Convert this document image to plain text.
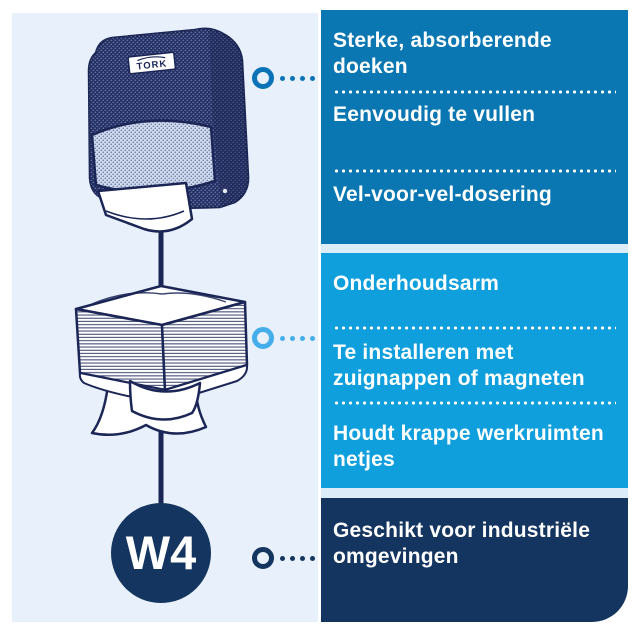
TORK
W4
Sterke, absorberende doeken
Eenvoudig te vullen
Vel-voor-vel-dosering
Onderhoudsarm
Te installeren met zuignappen of magneten
Houdt krappe werkruimten netjes
Geschikt voor industriële omgevingen
